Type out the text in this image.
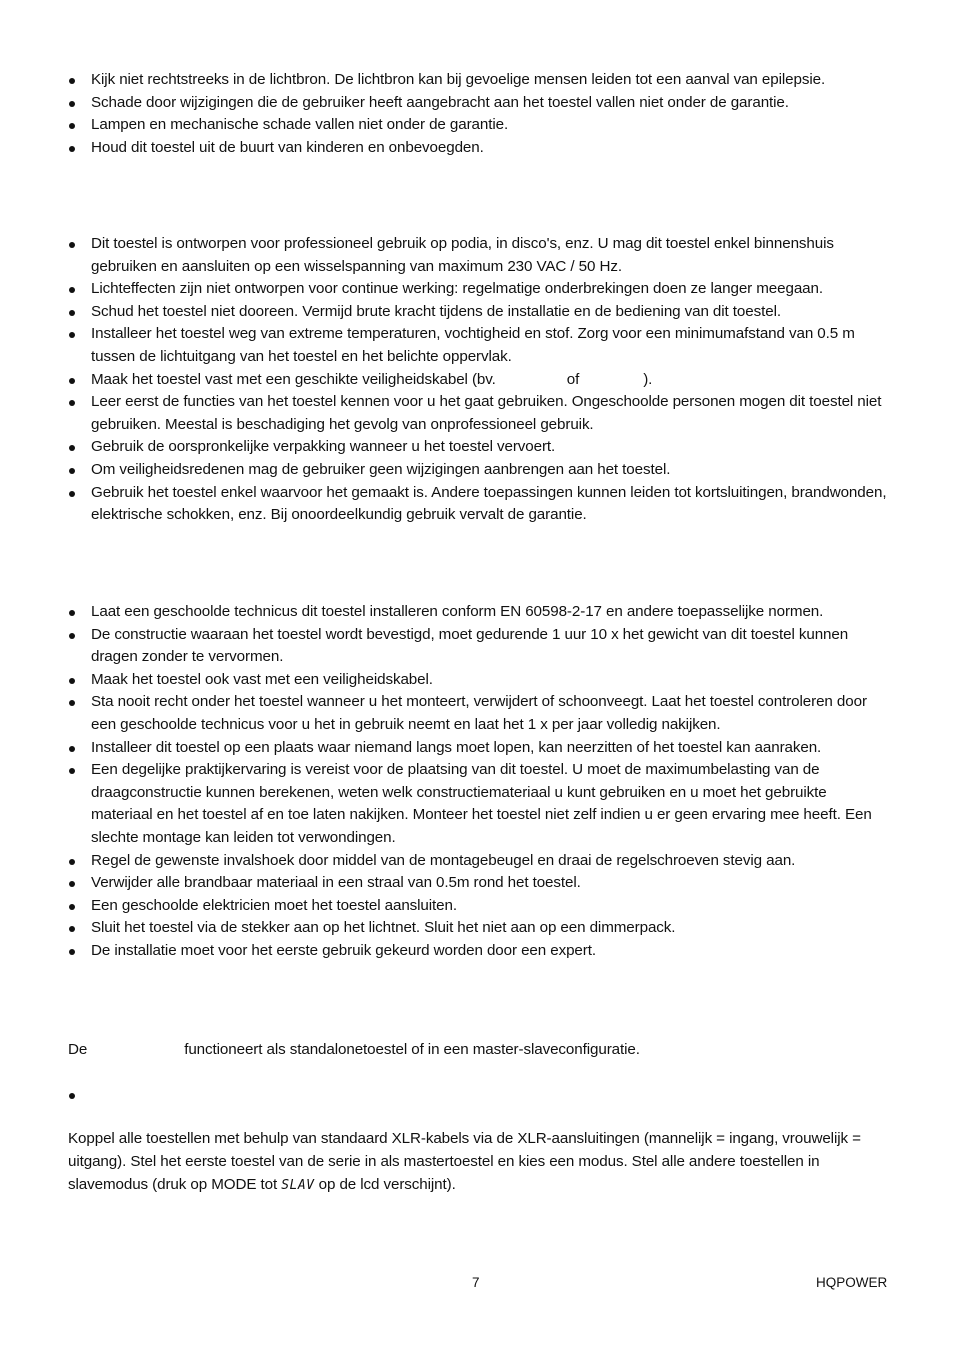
Kijk niet rechtstreeks in de lichtbron. De lichtbron kan bij gevoelige mensen leiden tot een aanval van epilepsie.
Schade door wijzigingen die de gebruiker heeft aangebracht aan het toestel vallen niet onder de garantie.
Lampen en mechanische schade vallen niet onder de garantie.
Houd dit toestel uit de buurt van kinderen en onbevoegden.
Dit toestel is ontworpen voor professioneel gebruik op podia, in disco's, enz. U mag dit toestel enkel binnenshuis gebruiken en aansluiten op een wisselspanning van maximum 230 VAC / 50 Hz.
Lichteffecten zijn niet ontworpen voor continue werking: regelmatige onderbrekingen doen ze langer meegaan.
Schud het toestel niet dooreen. Vermijd brute kracht tijdens de installatie en de bediening van dit toestel.
Installeer het toestel weg van extreme temperaturen, vochtigheid en stof. Zorg voor een minimumafstand van 0.5 m tussen de lichtuitgang van het toestel en het belichte oppervlak.
Maak het toestel vast met een geschikte veiligheidskabel (bv.	of	).
Leer eerst de functies van het toestel kennen voor u het gaat gebruiken. Ongeschoolde personen mogen dit toestel niet gebruiken. Meestal is beschadiging het gevolg van onprofessioneel gebruik.
Gebruik de oorspronkelijke verpakking wanneer u het toestel vervoert.
Om veiligheidsredenen mag de gebruiker geen wijzigingen aanbrengen aan het toestel.
Gebruik het toestel enkel waarvoor het gemaakt is. Andere toepassingen kunnen leiden tot kortsluitingen, brandwonden, elektrische schokken, enz. Bij onoordeelkundig gebruik vervalt de garantie.
Laat een geschoolde technicus dit toestel installeren conform EN 60598-2-17 en andere toepasselijke normen.
De constructie waaraan het toestel wordt bevestigd, moet gedurende 1 uur 10 x het gewicht van dit toestel kunnen dragen zonder te vervormen.
Maak het toestel ook vast met een veiligheidskabel.
Sta nooit recht onder het toestel wanneer u het monteert, verwijdert of schoonveegt. Laat het toestel controleren door een geschoolde technicus voor u het in gebruik neemt en laat het 1 x per jaar volledig nakijken.
Installeer dit toestel op een plaats waar niemand langs moet lopen, kan neerzitten of het toestel kan aanraken.
Een degelijke praktijkervaring is vereist voor de plaatsing van dit toestel. U moet de maximumbelasting van de draagconstructie kunnen berekenen, weten welk constructiemateriaal u kunt gebruiken en u moet het gebruikte materiaal en het toestel af en toe laten nakijken. Monteer het toestel niet zelf indien u er geen ervaring mee heeft. Een slechte montage kan leiden tot verwondingen.
Regel de gewenste invalshoek door middel van de montagebeugel en draai de regelschroeven stevig aan.
Verwijder alle brandbaar materiaal in een straal van 0.5m rond het toestel.
Een geschoolde elektricien moet het toestel aansluiten.
Sluit het toestel via de stekker aan op het lichtnet. Sluit het niet aan op een dimmerpack.
De installatie moet voor het eerste gebruik gekeurd worden door een expert.
De	functioneert als standalonetoestel of in een master-slaveconfiguratie.

Koppel alle toestellen met behulp van standaard XLR-kabels via de XLR-aansluitingen (mannelijk = ingang, vrouwelijk = uitgang). Stel het eerste toestel van de serie in als mastertoestel en kies een modus. Stel alle andere toestellen in slavemodus (druk op MODE tot SLAV op de lcd verschijnt).
7	HQPOWER
